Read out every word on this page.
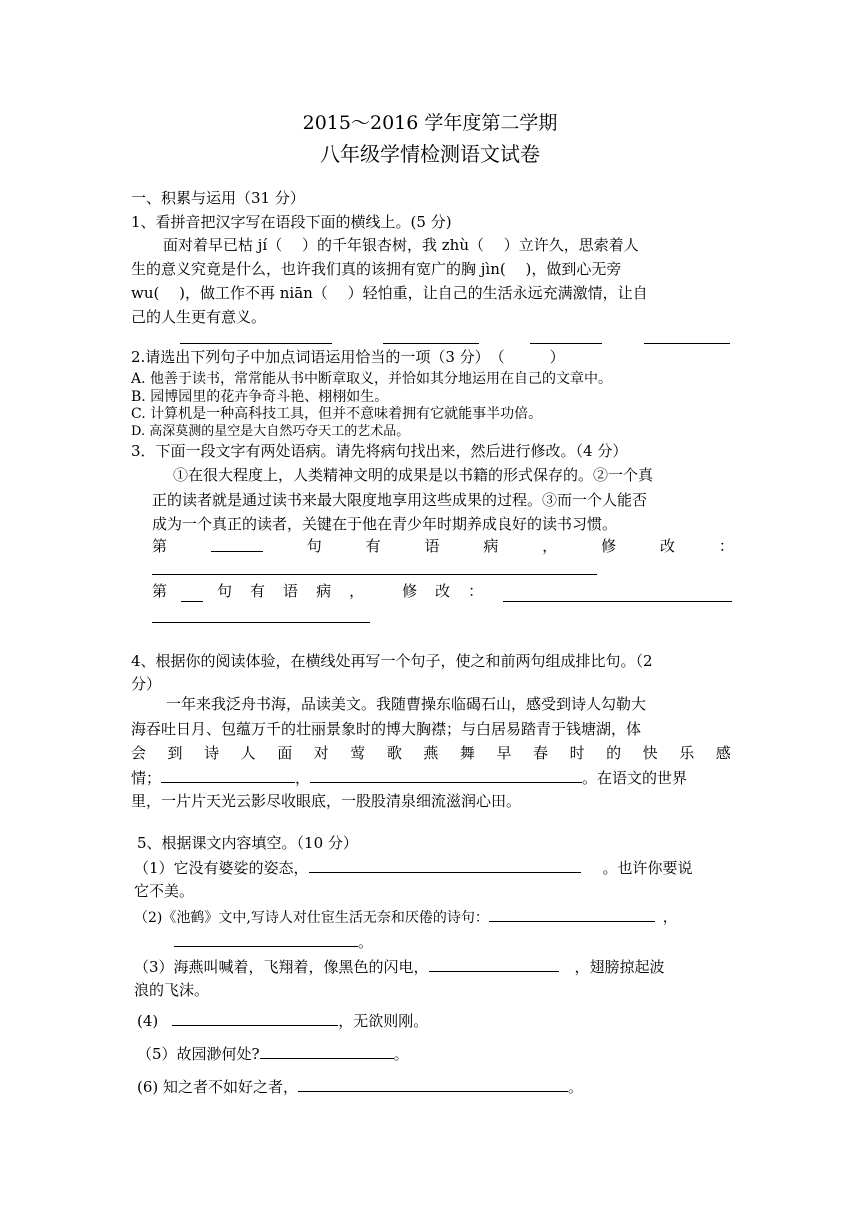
2015～2016 学年度第二学期
八年级学情检测语文试卷
一、积累与运用（31 分）
1、看拼音把汉字写在语段下面的横线上。(5 分)
面对着早已枯 jí（　 ）的千年银杏树，我 zhù（　 ）立许久，思索着人
生的意义究竟是什么，也许我们真的该拥有宽广的胸 jìn(　 )，做到心无旁
wu(　 )，做工作不再 niān（　 ）轻怕重，让自己的生活永远充满激情，让自
己的人生更有意义。
2.请选出下列句子中加点词语运用恰当的一项（3 分）　（　　　）
A. 他善于读书，常常能从书中断章取义，并恰如其分地运用在自己的文章中。
B. 园博园里的花卉争奇斗艳、栩栩如生。
C. 计算机是一种高科技工具，但并不意味着拥有它就能事半功倍。
D. 高深莫测的星空是大自然巧夺天工的艺术品。
3．下面一段文字有两处语病。请先将病句找出来，然后进行修改。（4 分）
①在很大程度上，人类精神文明的成果是以书籍的形式保存的。②一个真
正的读者就是通过读书来最大限度地享用这些成果的过程。③而一个人能否
成为一个真正的读者，关键在于他在青少年时期养成良好的读书习惯。
第	句	有	语	病	，	修	改	：
第	句 有 语 病 ，	修 改 ：
4、根据你的阅读体验，在横线处再写一个句子，使之和前两句组成排比句。（2
分）
一年来我泛舟书海，品读美文。我随曹操东临碣石山，感受到诗人勾勒大
海吞吐日月、包蕴万千的壮丽景象时的博大胸襟；与白居易踏青于钱塘湖，体
会 到 诗 人 面 对 莺 歌 燕 舞 早 春 时 的 快 乐 感
情；	，	。在语文的世界
里，一片片天光云影尽收眼底，一股股清泉细流滋润心田。
5、根据课文内容填空。（10 分）
（1）它没有婆娑的姿态，	。也许你要说
它不美。
（2)《池鹤》文中,写诗人对仕宦生活无奈和厌倦的诗句：	，
。
（3）海燕叫喊着，飞翔着，像黑色的闪电，	，翅膀掠起波
浪的飞沫。
(4)	，无欲则刚。
（5）故园渺何处?	。
(6) 知之者不如好之者，	。
